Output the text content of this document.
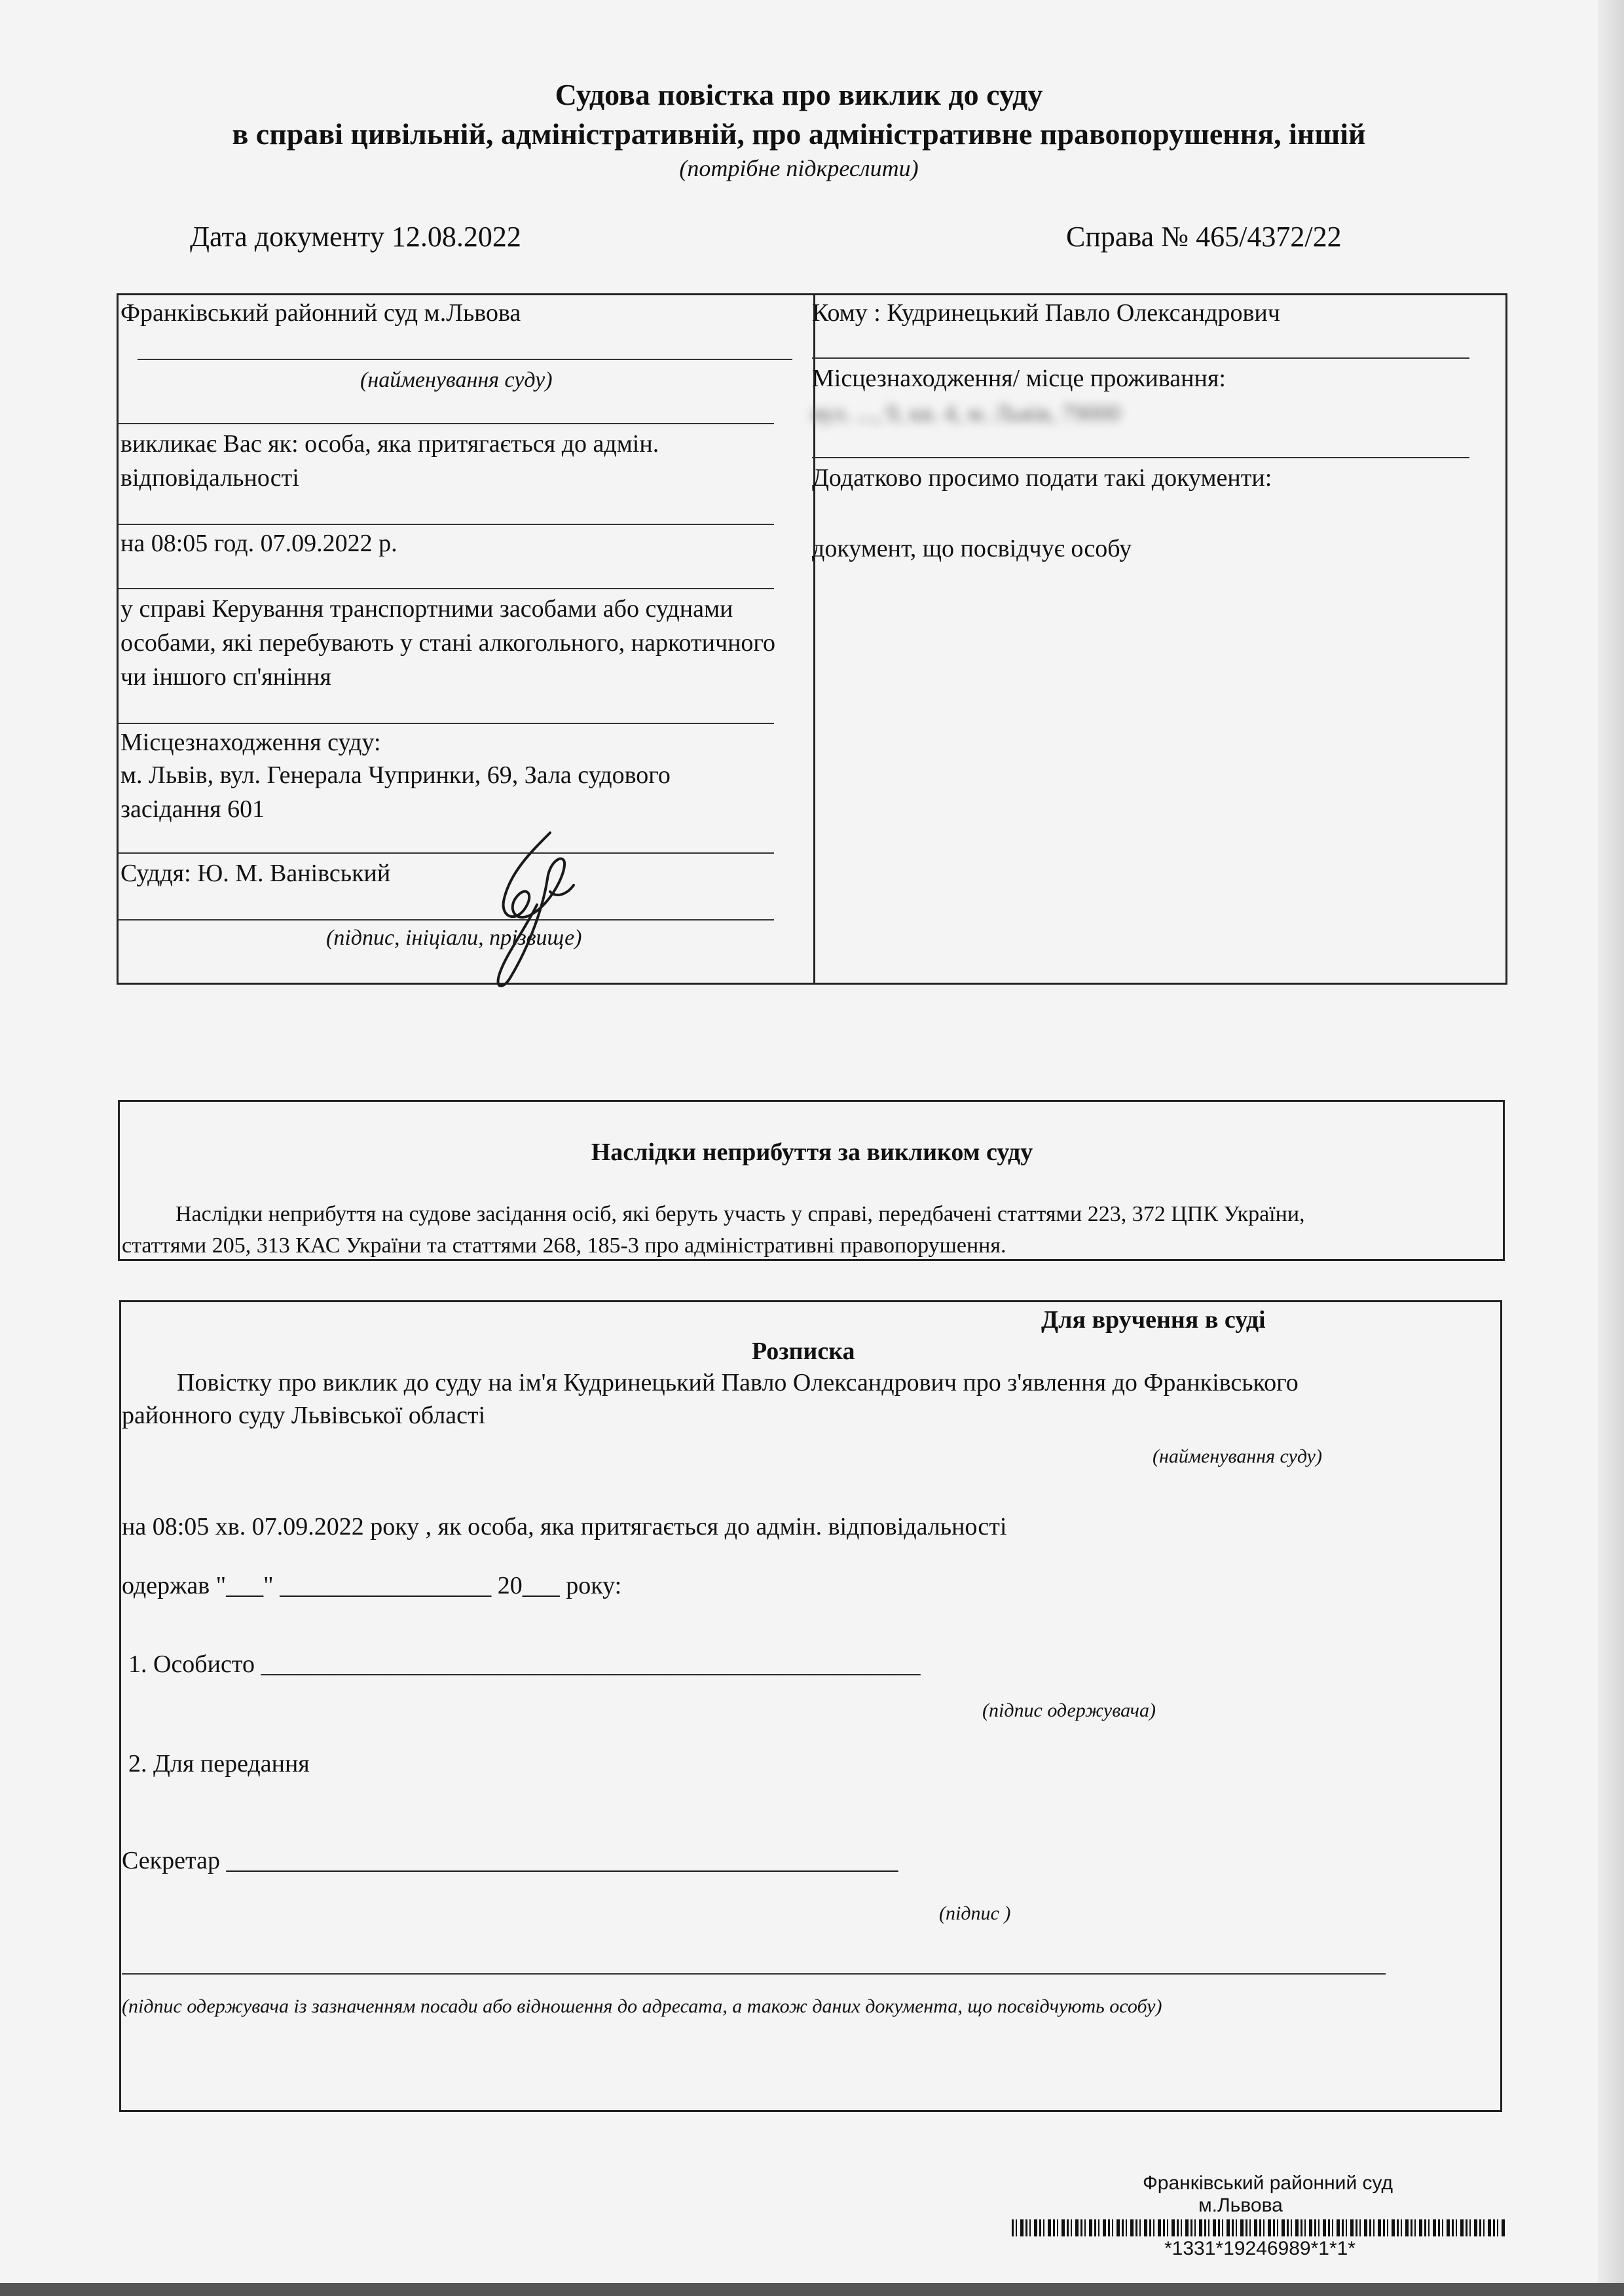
Судова повістка про виклик до суду
в справі цивільній, адміністративній, про адміністративне правопорушення, іншій
(потрібне підкреслити)
Дата документу 12.08.2022	Справа № 465/4372/22
Франківський районний суд м.Львова
(найменування суду)
викликає Вас як: особа, яка притягається до адмін. відповідальності
на 08:05 год. 07.09.2022 р.
у справі Керування транспортними засобами або суднами особами, які перебувають у стані алкогольного, наркотичного чи іншого сп'яніння
Місцезнаходження суду:
м. Львів, вул. Генерала Чупринки, 69, Зала судового засідання 601
Суддя: Ю. М. Ванівський
(підпис, ініціали, прізвище)
Кому : Кудринецький Павло Олександрович
Місцезнаходження/ місце проживання:
вул. ..., 9, кв. 4, м. Львів, 79000
Додатково просимо подати такі документи:
документ, що посвідчує особу
Наслідки неприбуття за викликом суду
Наслідки неприбуття на судове засідання осіб, які беруть участь у справі, передбачені статтями 223, 372 ЦПК України,
статтями 205, 313 КАС України та статтями 268, 185-3 про адміністративні правопорушення.
Для вручення в суді
Розписка
Повістку про виклик до суду на ім'я Кудринецький Павло Олександрович про з'явлення до Франківського
районного суду Львівської області
(найменування суду)
на 08:05 хв. 07.09.2022 року , як особа, яка притягається до адмін. відповідальності
одержав "___" _________________ 20___ року:
1. Особисто _____________________________________________________
(підпис одержувача)
2. Для передання
Секретар ______________________________________________________
(підпис )
(підпис одержувача із зазначенням посади або відношення до адресата, а також даних документа, що посвідчують особу)
Франківський районний суд
м.Львова
*1331*19246989*1*1*
